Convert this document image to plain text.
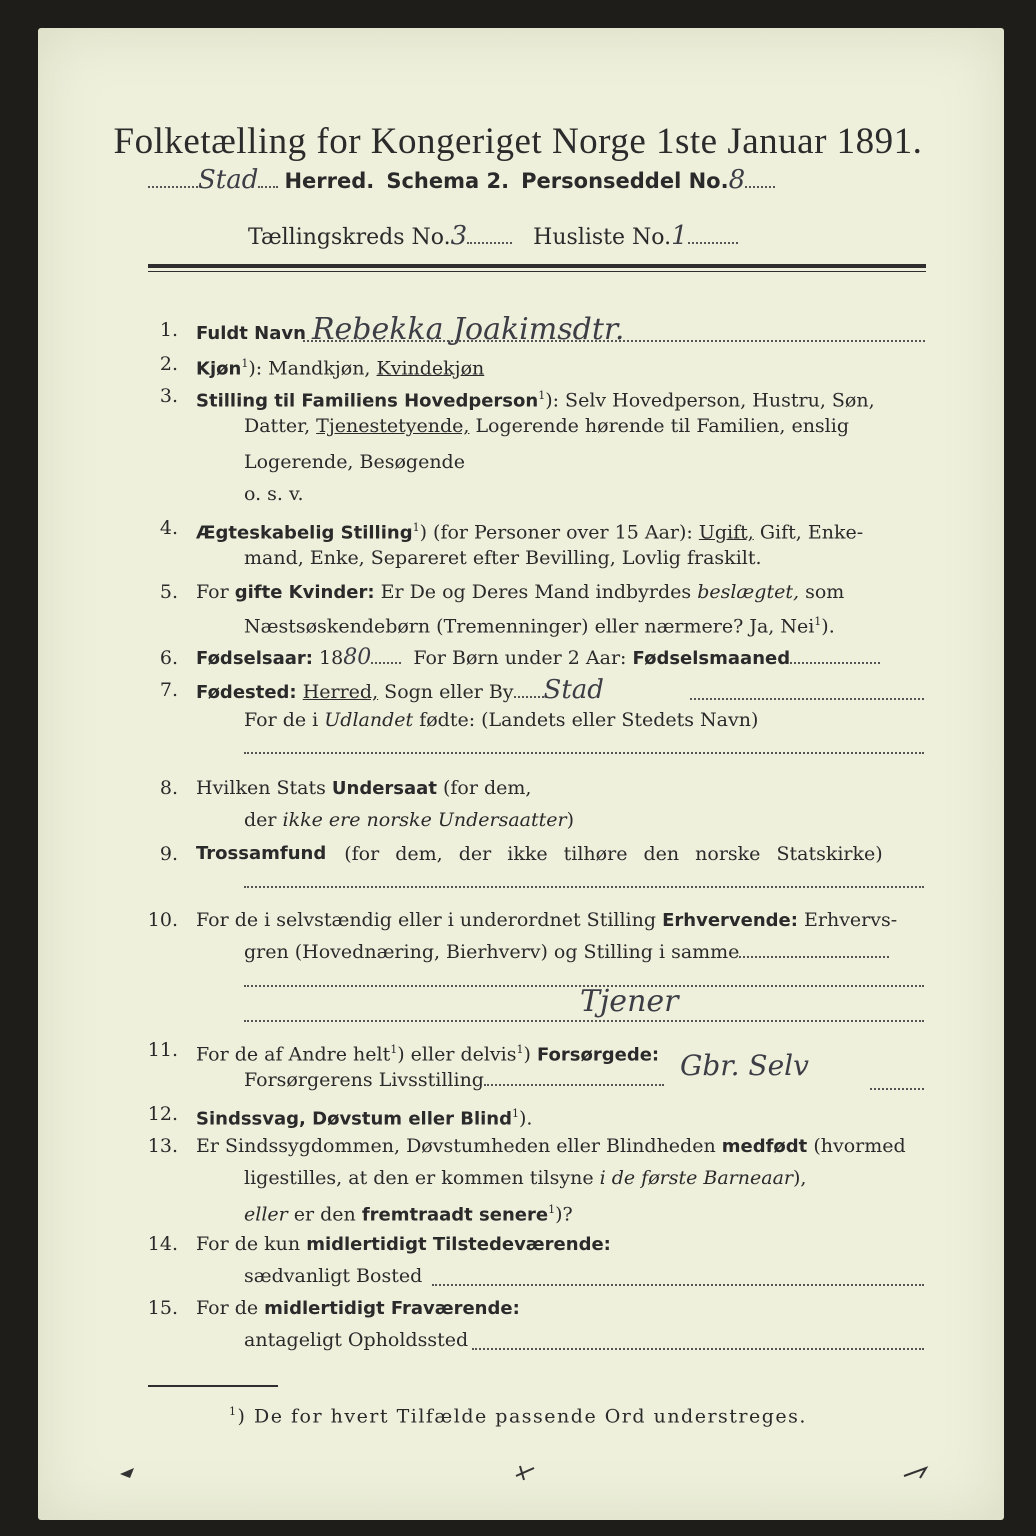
Folketælling for Kongeriget Norge 1ste Januar 1891.
Stad Herred. Schema 2. Personseddel No.8
Tællingskreds No.3	Husliste No.1
1. Fuldt Navn Rebekka Joakimsdtr.
2. Kjøn$^1$): Mandkjøn, Kvindekjøn
3. Stilling til Familiens Hovedperson$^1$): Selv Hovedperson, Hustru, Søn,
Datter, Tjenestetyende, Logerende hørende til Familien, enslig
Logerende, Besøgende
o. s. v.
4. Ægteskabelig Stilling$^1$) (for Personer over 15 Aar): Ugift, Gift, Enke-
mand, Enke, Separeret efter Bevilling, Lovlig fraskilt.
5. For gifte Kvinder: Er De og Deres Mand indbyrdes beslægtet, som
Næstsøskendebørn (Tremenninger) eller nærmere? Ja, Nei$^1$).
6. Fødselsaar: 1880 For Børn under 2 Aar: Fødselsmaaned
7. Fødested: Herred, Sogn eller By Stad
For de i Udlandet fødte: (Landets eller Stedets Navn)
8. Hvilken Stats Undersaat (for dem,
der ikke ere norske Undersaatter)
9. Trossamfund (for dem, der ikke tilhøre den norske Statskirke)
10. For de i selvstændig eller i underordnet Stilling Erhvervende: Erhvervs-
gren (Hovednæring, Bierhverv) og Stilling i samme
Tjener
11. For de af Andre helt$^1$) eller delvis$^1$) Forsørgede:
Forsørgerens Livsstilling	Gbr. Selv
12. Sindssvag, Døvstum eller Blind$^1$).
13. Er Sindssygdommen, Døvstumheden eller Blindheden medfødt (hvormed
ligestilles, at den er kommen tilsyne i de første Barneaar),
eller er den fremtraadt senere$^1$)?
14. For de kun midlertidigt Tilstedeværende:
sædvanligt Bosted
15. For de midlertidigt Fraværende:
antageligt Opholdssted
$^1$) De for hvert Tilfælde passende Ord understreges.
